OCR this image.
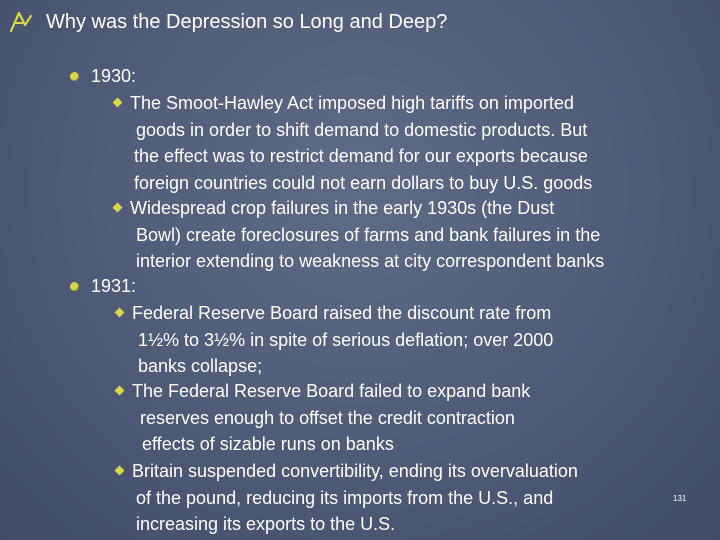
Why was the Depression so Long and Deep?
1930:
The Smoot-Hawley Act imposed high tariffs on imported
goods in order to shift demand to domestic products. But
the effect was to restrict demand for our exports because
foreign countries could not earn dollars to buy U.S. goods
Widespread crop failures in the early 1930s (the Dust
Bowl) create foreclosures of farms and bank failures in the
interior extending to weakness at city correspondent banks
1931:
Federal Reserve Board raised the discount rate from
1½% to 3½% in spite of serious deflation; over 2000
banks collapse;
The Federal Reserve Board failed to expand bank
reserves enough to offset the credit contraction
effects of sizable runs on banks
Britain suspended convertibility, ending its overvaluation
of the pound, reducing its imports from the U.S., and
increasing its exports to the U.S.
131
